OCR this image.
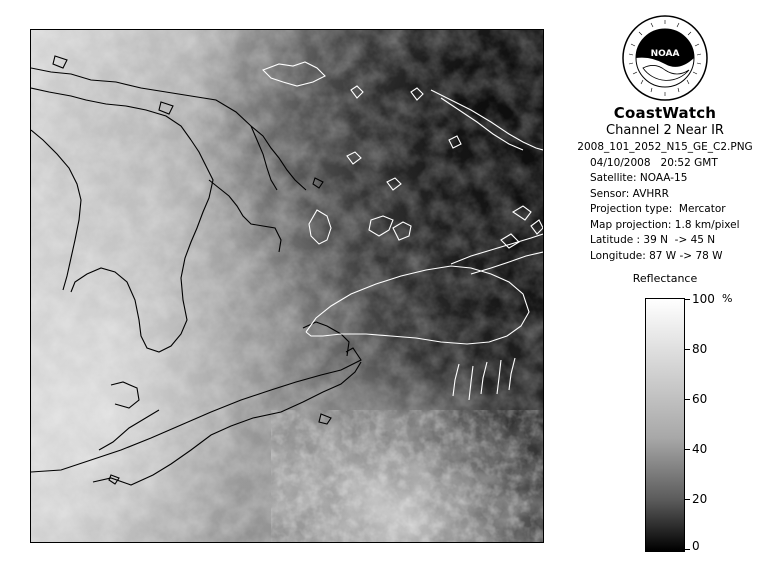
NOAA
CoastWatch
Channel 2 Near IR
2008_101_2052_N15_GE_C2.PNG
04/10/2008   20:52 GMT
Satellite: NOAA-15
Sensor: AVHRR
Projection type:  Mercator
Map projection: 1.8 km/pixel
Latitude : 39 N  -> 45 N
Longitude: 87 W -> 78 W
Reflectance
%
100
80
60
40
20
0
